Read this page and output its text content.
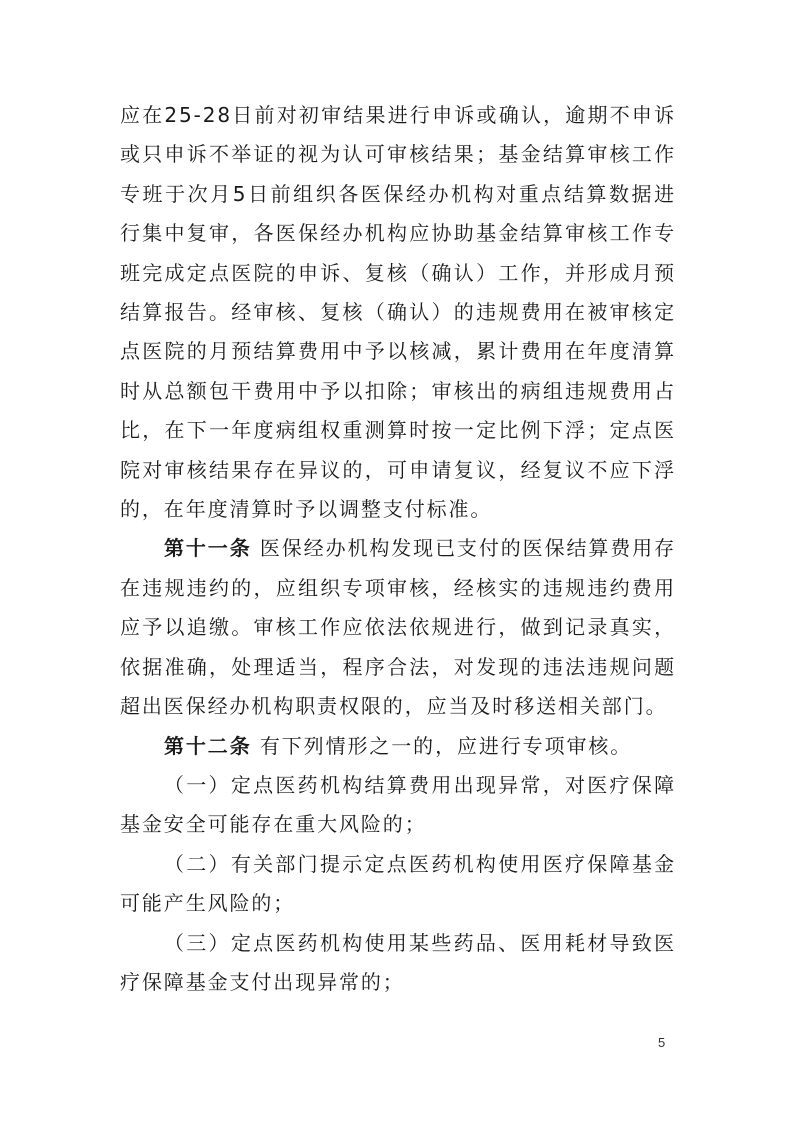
应在25-28日前对初审结果进行申诉或确认，逾期不申诉或只申诉不举证的视为认可审核结果；基金结算审核工作专班于次月5日前组织各医保经办机构对重点结算数据进行集中复审，各医保经办机构应协助基金结算审核工作专班完成定点医院的申诉、复核（确认）工作，并形成月预结算报告。经审核、复核（确认）的违规费用在被审核定点医院的月预结算费用中予以核减，累计费用在年度清算时从总额包干费用中予以扣除；审核出的病组违规费用占比，在下一年度病组权重测算时按一定比例下浮；定点医院对审核结果存在异议的，可申请复议，经复议不应下浮的，在年度清算时予以调整支付标准。

第十一条 医保经办机构发现已支付的医保结算费用存在违规违约的，应组织专项审核，经核实的违规违约费用应予以追缴。审核工作应依法依规进行，做到记录真实，依据准确，处理适当，程序合法，对发现的违法违规问题超出医保经办机构职责权限的，应当及时移送相关部门。

第十二条 有下列情形之一的，应进行专项审核。

（一）定点医药机构结算费用出现异常，对医疗保障基金安全可能存在重大风险的；

（二）有关部门提示定点医药机构使用医疗保障基金可能产生风险的；

（三）定点医药机构使用某些药品、医用耗材导致医疗保障基金支付出现异常的；

5
